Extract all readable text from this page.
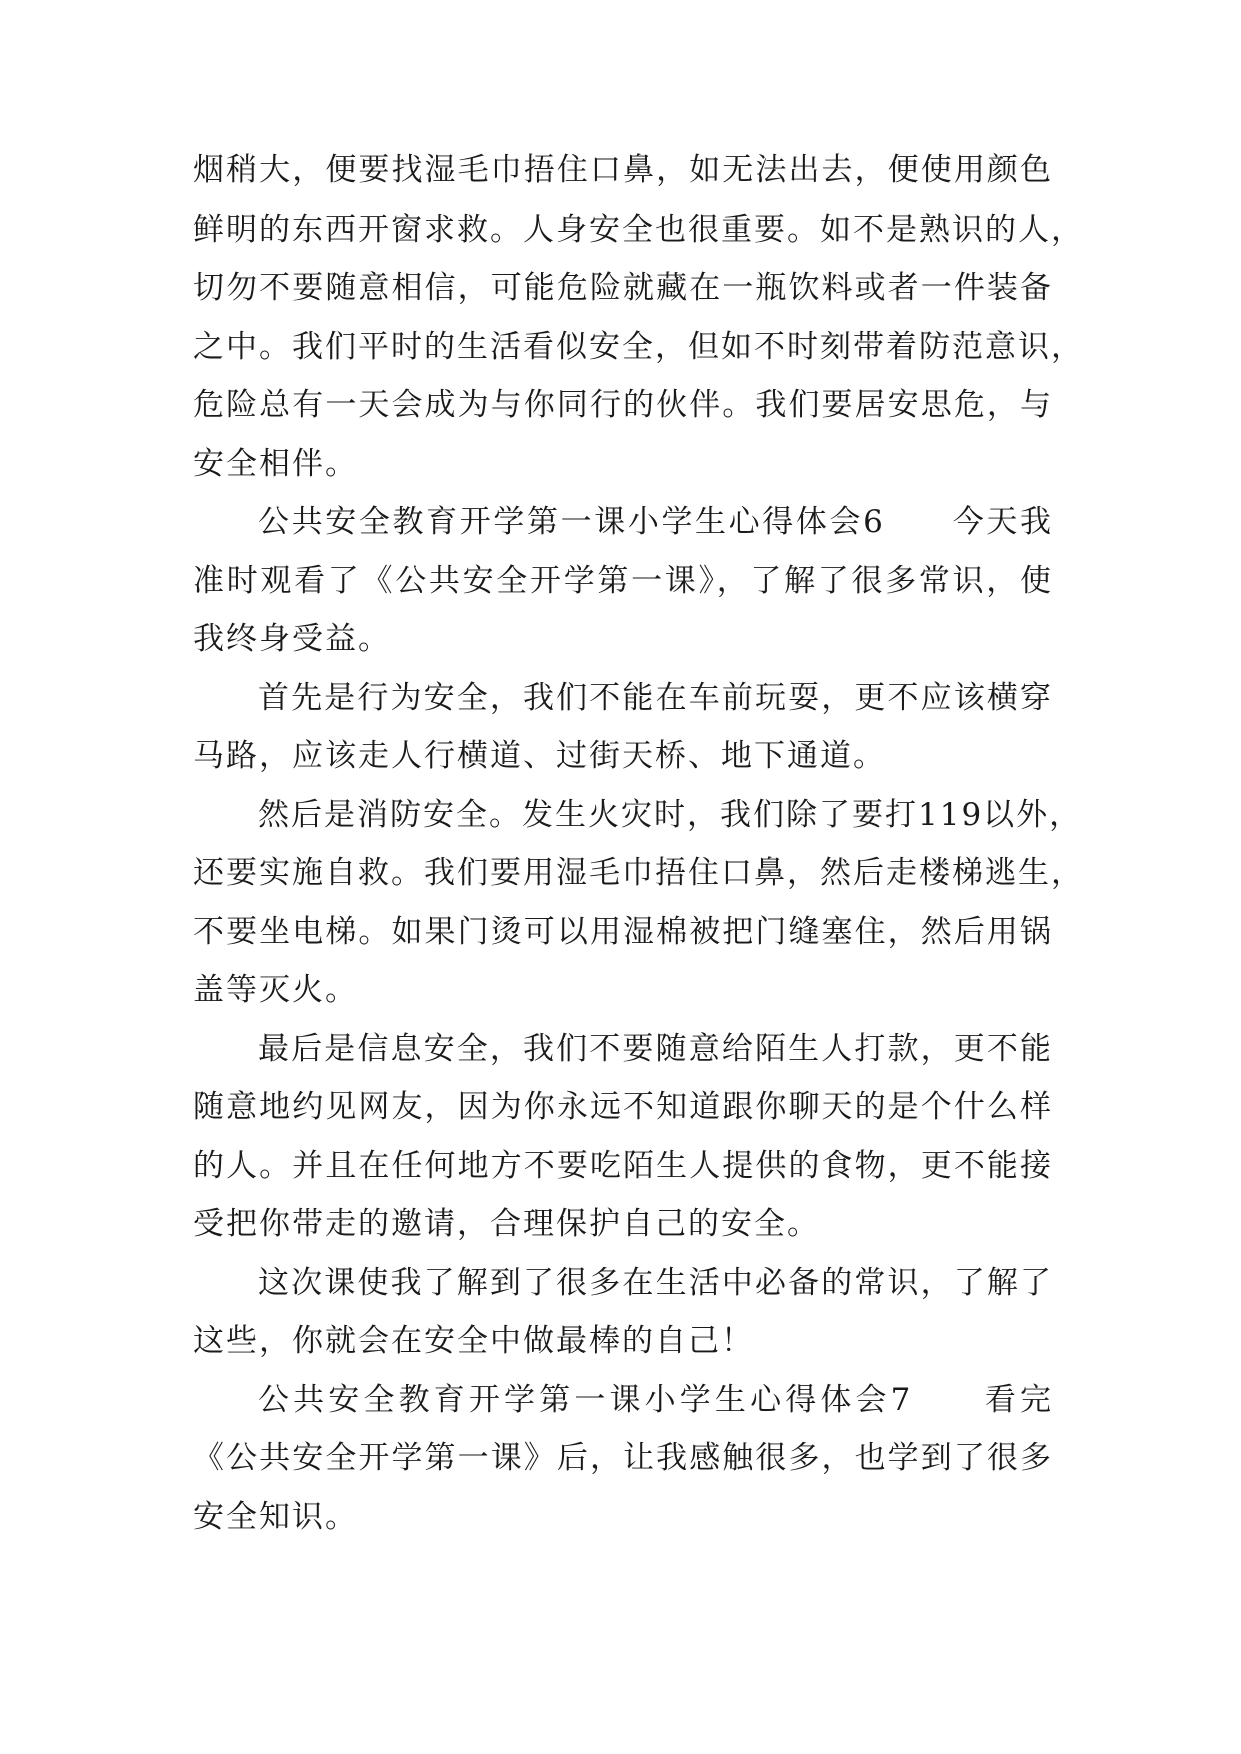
烟稍大，便要找湿毛巾捂住口鼻，如无法出去，便使用颜色
鲜明的东西开窗求救。人身安全也很重要。如不是熟识的人，
切勿不要随意相信，可能危险就藏在一瓶饮料或者一件装备
之中。我们平时的生活看似安全，但如不时刻带着防范意识，
危险总有一天会成为与你同行的伙伴。我们要居安思危，与
安全相伴。
公共安全教育开学第一课小学生心得体会6　　今天我
准时观看了《公共安全开学第一课》，了解了很多常识，使
我终身受益。
首先是行为安全，我们不能在车前玩耍，更不应该横穿
马路，应该走人行横道、过街天桥、地下通道。
然后是消防安全。发生火灾时，我们除了要打119以外，
还要实施自救。我们要用湿毛巾捂住口鼻，然后走楼梯逃生，
不要坐电梯。如果门烫可以用湿棉被把门缝塞住，然后用锅
盖等灭火。
最后是信息安全，我们不要随意给陌生人打款，更不能
随意地约见网友，因为你永远不知道跟你聊天的是个什么样
的人。并且在任何地方不要吃陌生人提供的食物，更不能接
受把你带走的邀请，合理保护自己的安全。
这次课使我了解到了很多在生活中必备的常识，了解了
这些，你就会在安全中做最棒的自己！
公共安全教育开学第一课小学生心得体会7　　看完
《公共安全开学第一课》后，让我感触很多，也学到了很多
安全知识。
